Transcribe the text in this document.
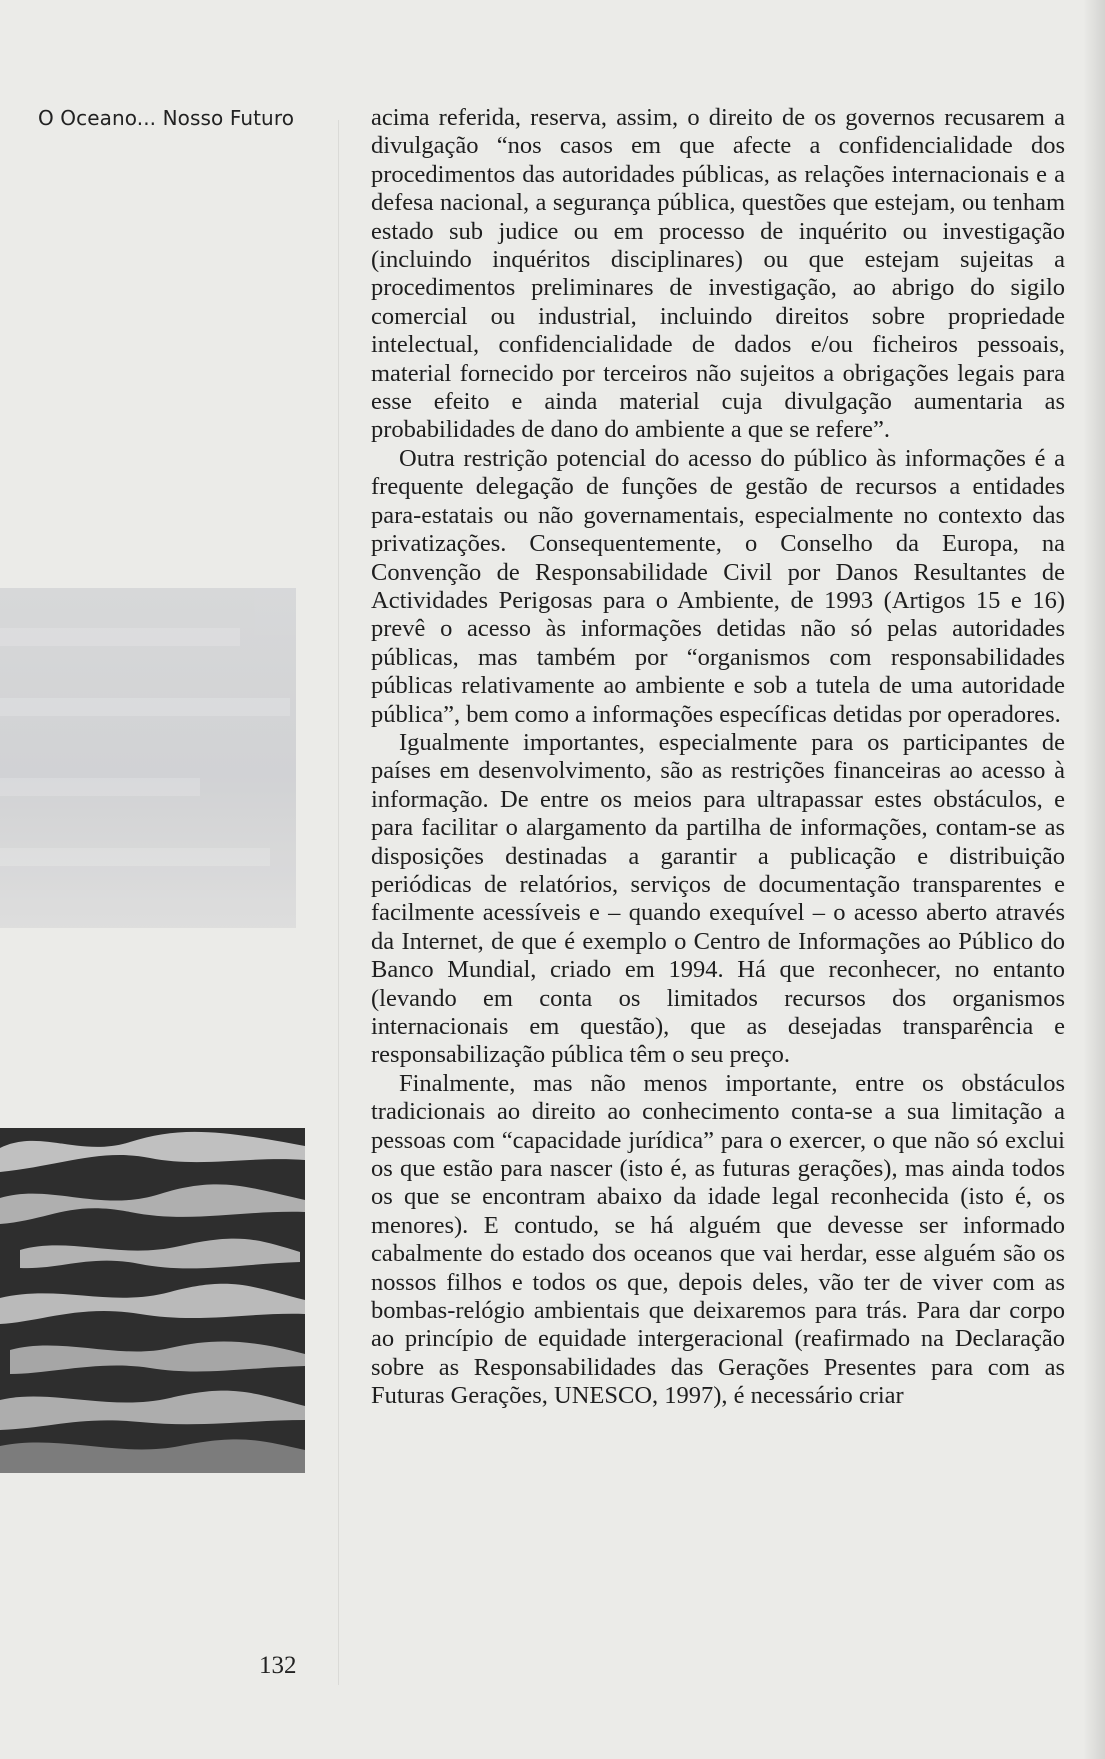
O Oceano... Nosso Futuro	acima referida, reserva, assim, o direito de os governos recusarem a divulgação “nos casos em que afecte a confidencialidade dos procedimentos das autoridades públicas, as relações internacionais e a defesa nacional, a segurança pública, questões que estejam, ou tenham estado sub judice ou em processo de inquérito ou investigação (incluindo inquéritos disciplinares) ou que estejam sujeitas a procedimentos preliminares de investigação, ao abrigo do sigilo comercial ou industrial, incluindo direitos sobre propriedade intelectual, confidencialidade de dados e/ou ficheiros pessoais, material fornecido por terceiros não sujeitos a obrigações legais para esse efeito e ainda material cuja divulgação aumentaria as probabilidades de dano do ambiente a que se refere”.

Outra restrição potencial do acesso do público às informações é a frequente delegação de funções de gestão de recursos a entidades para-estatais ou não governamentais, especialmente no contexto das privatizações. Consequentemente, o Conselho da Europa, na Convenção de Responsabilidade Civil por Danos Resultantes de Actividades Perigosas para o Ambiente, de 1993 (Artigos 15 e 16) prevê o acesso às informações detidas não só pelas autoridades públicas, mas também por “organismos com responsabilidades públicas relativamente ao ambiente e sob a tutela de uma autoridade pública”, bem como a informações específicas detidas por operadores.

Igualmente importantes, especialmente para os participantes de países em desenvolvimento, são as restrições financeiras ao acesso à informação. De entre os meios para ultrapassar estes obstáculos, e para facilitar o alargamento da partilha de informações, contam-se as disposições destinadas a garantir a publicação e distribuição periódicas de relatórios, serviços de documentação transparentes e facilmente acessíveis e – quando exequível – o acesso aberto através da Internet, de que é exemplo o Centro de Informações ao Público do Banco Mundial, criado em 1994. Há que reconhecer, no entanto (levando em conta os limitados recursos dos organismos internacionais em questão), que as desejadas transparência e responsabilização pública têm o seu preço.

Finalmente, mas não menos importante, entre os obstáculos tradicionais ao direito ao conhecimento conta-se a sua limitação a pessoas com “capacidade jurídica” para o exercer, o que não só exclui os que estão para nascer (isto é, as futuras gerações), mas ainda todos os que se encontram abaixo da idade legal reconhecida (isto é, os menores). E contudo, se há alguém que devesse ser informado cabalmente do estado dos oceanos que vai herdar, esse alguém são os nossos filhos e todos os que, depois deles, vão ter de viver com as bombas-relógio ambientais que deixaremos para trás. Para dar corpo ao princípio de equidade intergeracional (reafirmado na Declaração sobre as Responsabilidades das Gerações Presentes para com as Futuras Gerações, UNESCO, 1997), é necessário criar

132
